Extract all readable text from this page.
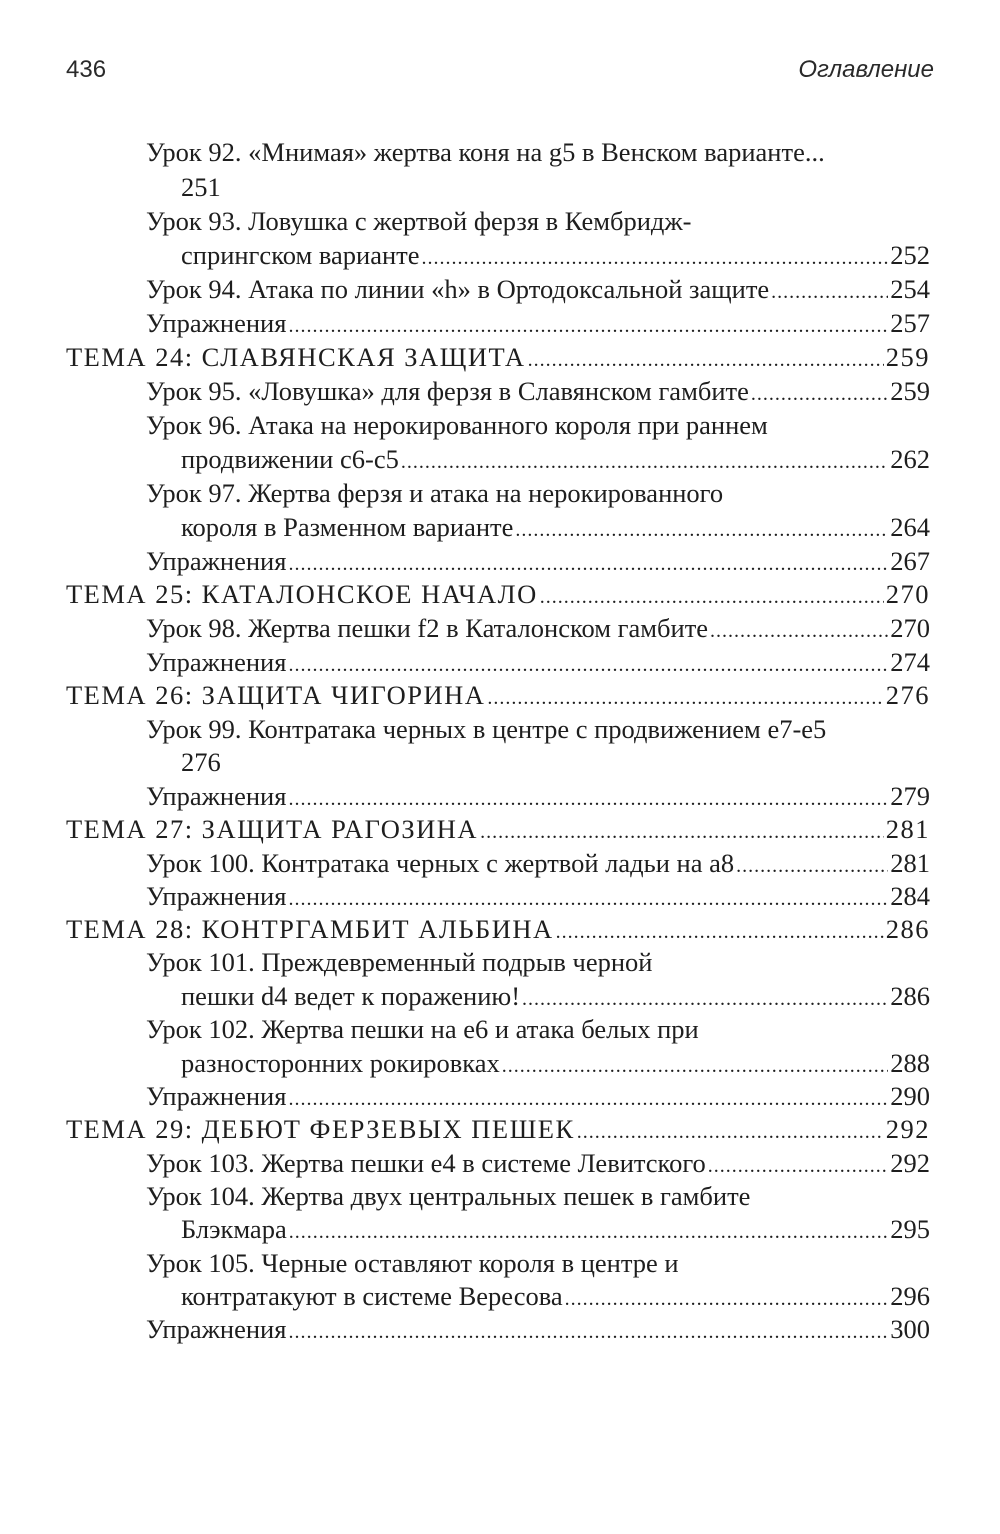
436	Оглавление
Урок 92. «Мнимая» жертва коня на g5 в Венском варианте...
251
Урок 93. Ловушка с жертвой ферзя в Кембридж-
спрингском варианте .....	252
Урок 94. Атака по линии «h» в Ортодоксальной защите .....	254
Упражнения .....	257
ТЕМА 24: СЛАВЯНСКАЯ ЗАЩИТА .....	259
Урок 95. «Ловушка» для ферзя в Славянском гамбите .....	259
Урок 96. Атака на нерокированного короля при раннем
продвижении c6-c5 .....	262
Урок 97. Жертва ферзя и атака на нерокированного
короля в Разменном варианте .....	264
Упражнения .....	267
ТЕМА 25: КАТАЛОНСКОЕ НАЧАЛО .....	270
Урок 98. Жертва пешки f2 в Каталонском гамбите .....	270
Упражнения .....	274
ТЕМА 26: ЗАЩИТА ЧИГОРИНА .....	276
Урок 99. Контратака черных в центре с продвижением e7-e5
276
Упражнения .....	279
ТЕМА 27: ЗАЩИТА РАГОЗИНА .....	281
Урок 100. Контратака черных с жертвой ладьи на а8 .....	281
Упражнения .....	284
ТЕМА 28: КОНТРГАМБИТ АЛЬБИНА .....	286
Урок 101. Преждевременный подрыв черной
пешки d4 ведет к поражению! .....	286
Урок 102. Жертва пешки на е6 и атака белых при
разносторонних рокировках .....	288
Упражнения .....	290
ТЕМА 29: ДЕБЮТ ФЕРЗЕВЫХ ПЕШЕК .....	292
Урок 103. Жертва пешки е4 в системе Левитского .....	292
Урок 104. Жертва двух центральных пешек в гамбите
Блэкмара .....	295
Урок 105. Черные оставляют короля в центре и
контратакуют в системе Вересова .....	296
Упражнения .....	300
